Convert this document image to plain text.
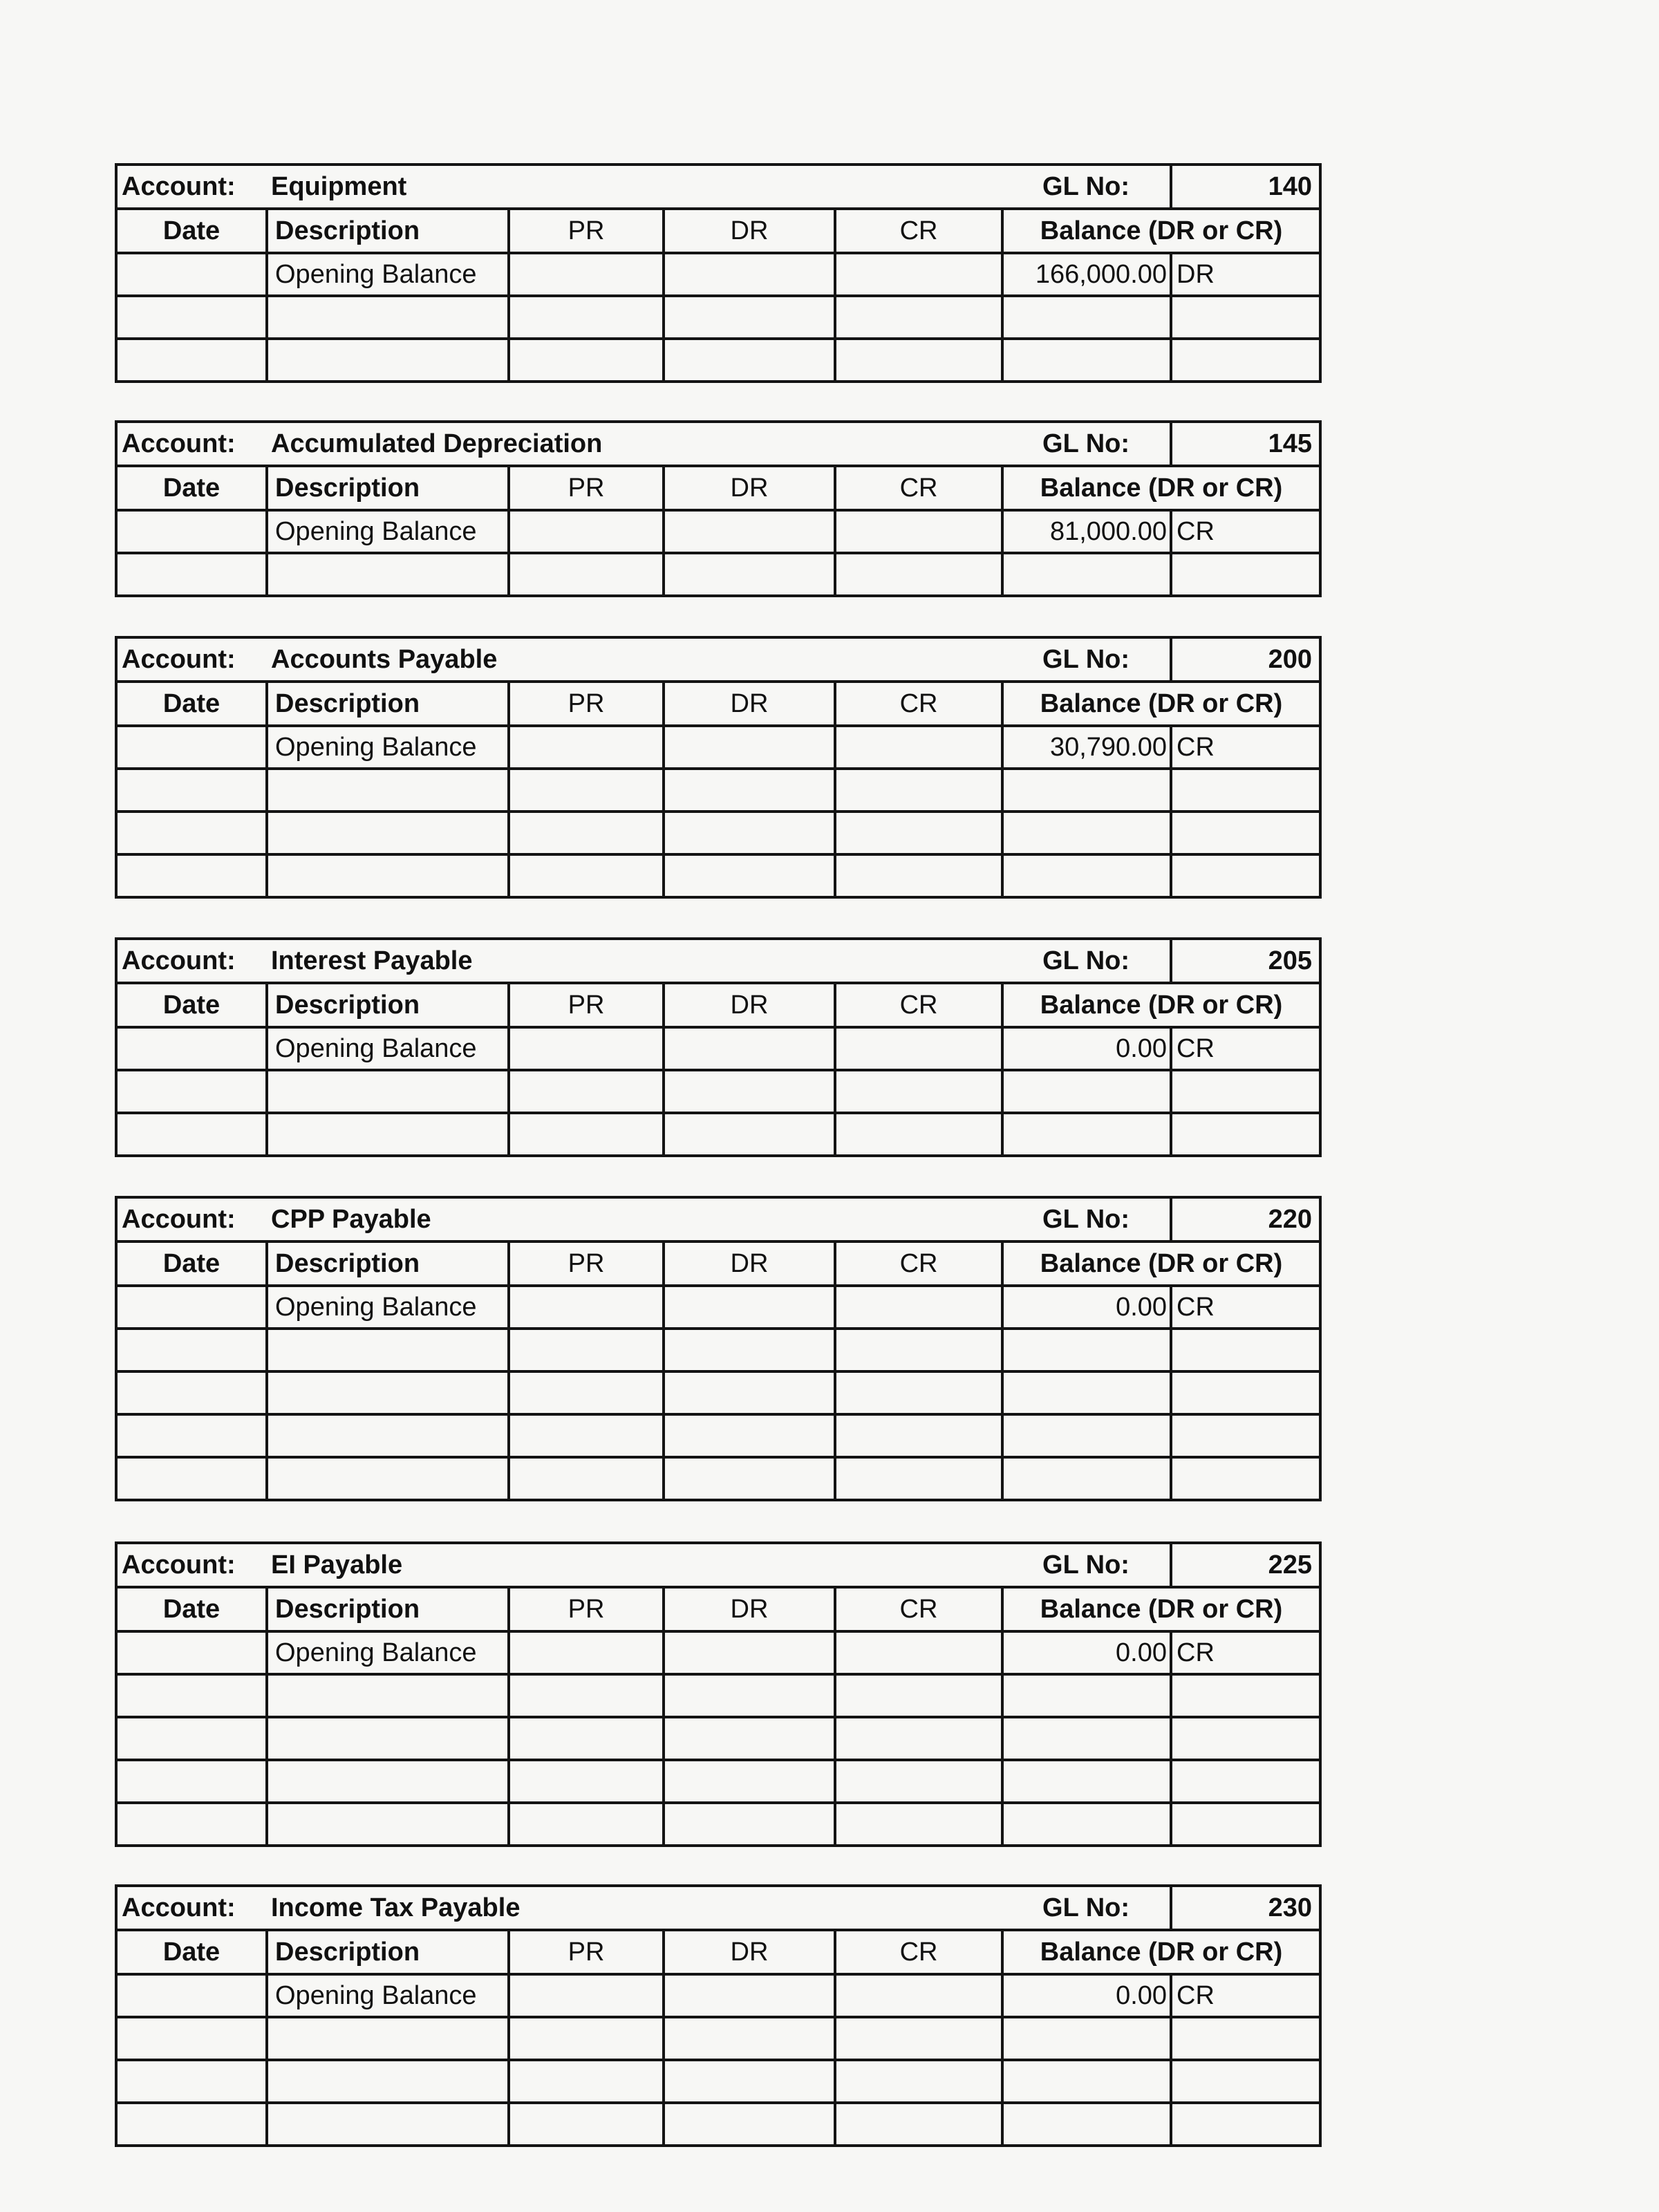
Account:	Equipment				GL No:	140
Date	Description	PR	DR	CR	Balance (DR or CR)	
	Opening Balance				166,000.00	DR

Account:	Accumulated Depreciation				GL No:	145
Date	Description	PR	DR	CR	Balance (DR or CR)	
	Opening Balance				81,000.00	CR

Account:	Accounts Payable				GL No:	200
Date	Description	PR	DR	CR	Balance (DR or CR)	
	Opening Balance				30,790.00	CR

Account:	Interest Payable				GL No:	205
Date	Description	PR	DR	CR	Balance (DR or CR)	
	Opening Balance				0.00	CR

Account:	CPP Payable				GL No:	220
Date	Description	PR	DR	CR	Balance (DR or CR)	
	Opening Balance				0.00	CR

Account:	EI Payable				GL No:	225
Date	Description	PR	DR	CR	Balance (DR or CR)	
	Opening Balance				0.00	CR

Account:	Income Tax Payable				GL No:	230
Date	Description	PR	DR	CR	Balance (DR or CR)	
	Opening Balance				0.00	CR
